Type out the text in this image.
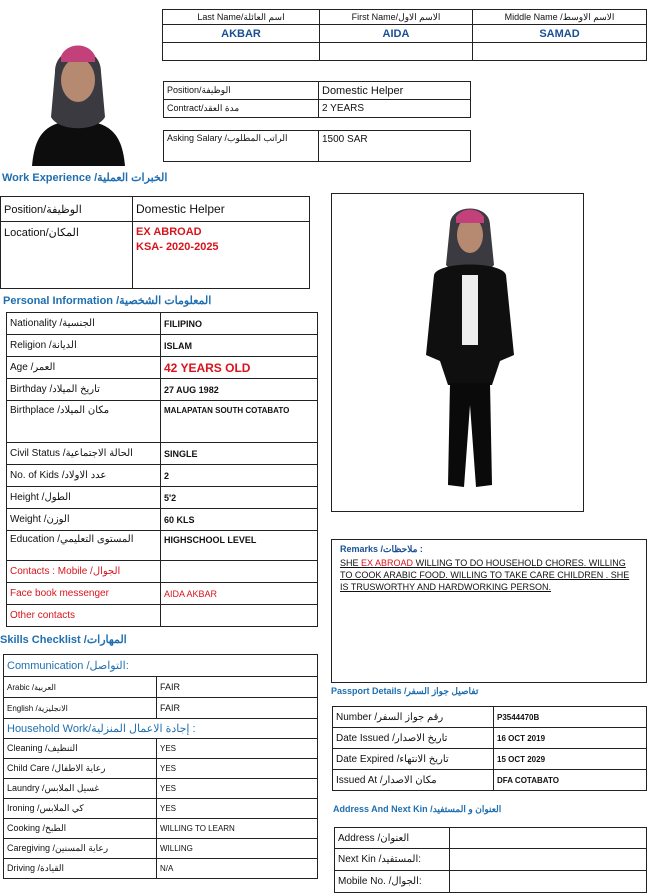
Last Name/اسم العائلة	First Name/الاسم الاول	Middle Name /الاسم الاوسط
AKBAR	AIDA	SAMAD

Position/الوظيفة	Domestic Helper
Contract/مدة العقد	2 YEARS
Asking Salary /الراتب المطلوب	1500 SAR
Work Experience /الخبرات العملية
Position/الوظيفة	Domestic Helper
Location/المكان	EX ABROAD
KSA- 2020-2025
Personal Information /المعلومات الشخصية
Nationality /الجنسية	FILIPINO
Religion /الديانة	ISLAM
Age /العمر	42 YEARS OLD
Birthday /تاريخ الميلاد	27 AUG 1982
Birthplace /مكان الميلاد	MALAPATAN SOUTH COTABATO
Civil Status /الحالة الاجتماعية	SINGLE
No. of Kids /عدد الاولاد	2
Height /الطول	5'2
Weight /الوزن	60 KLS
Education /المستوى التعليمي	HIGHSCHOOL LEVEL
Contacts : Mobile /الجوال	
Face book messenger	AIDA AKBAR
Other contacts	
Remarks /ملاحظات :
SHE EX ABROAD WILLING TO DO HOUSEHOLD CHORES. WILLING TO COOK ARABIC FOOD. WILLING TO TAKE CARE CHILDREN . SHE IS TRUSWORTHY AND HARDWORKING PERSON.
Skills Checklist /المهارات
Communication /التواصل:	
Arabic /العربية	FAIR
English /الانجليزية	FAIR
Household Work/إجادة الاعمال المنزلية :	
Cleaning /التنظيف	YES
Child Care /رعاية الاطفال	YES
Laundry /غسيل الملابس	YES
Ironing /كي الملابس	YES
Cooking /الطبخ	WILLING TO LEARN
Caregiving /رعاية المسنين	WILLING
Driving /القيادة	N/A
Passport Details /تفاصيل جواز السفر
Number /رقم جواز السفر	P3544470B
Date Issued /تاريخ الاصدار	16 OCT 2019
Date Expired /تاريخ الانتهاء	15 OCT 2029
Issued At /مكان الاصدار	DFA COTABATO
Address And Next Kin /العنوان و المستفيد
Address /العنوان	
Next Kin /المستفيد:	
Mobile No. /الجوال:	
